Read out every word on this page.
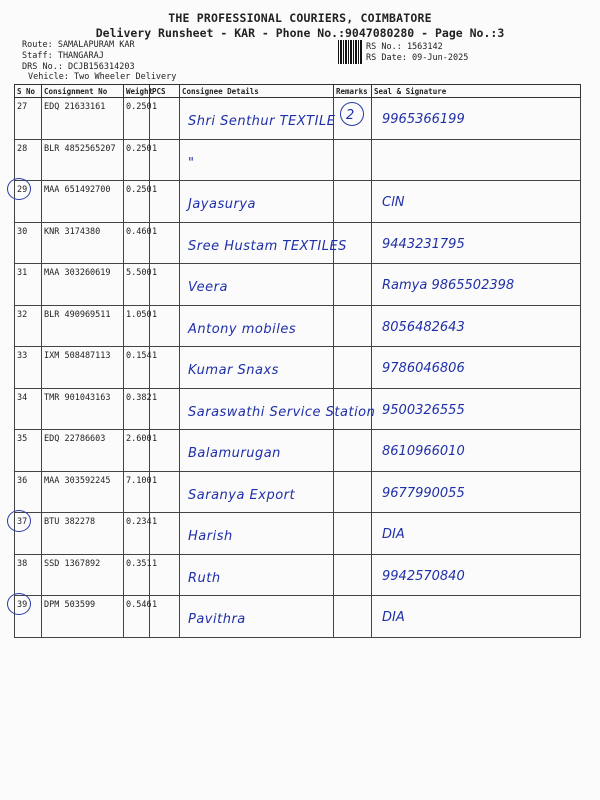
THE PROFESSIONAL COURIERS, COIMBATORE
Delivery Runsheet - KAR - Phone No.:9047080280 - Page No.:3
Route: SAMALAPURAM KAR
Staff: THANGARAJ
DRS No.: DCJB156314203
Vehicle: Two Wheeler Delivery
RS No.: 1563142
RS Date: 09-Jun-2025
S No	Consignment No	Weight	PCS	Consignee Details	Remarks	Seal & Signature
27	EDQ 21633161	0.250	1	Shri Senthur TEXTILE	2	9965366199

28	BLR 4852565207	0.250	1	"		

29	MAA 651492700	0.250	1	Jayasurya		ClN

30	KNR 3174380	0.460	1	Sree Hustam TEXTILES		9443231795

31	MAA 303260619	5.500	1	Veera		Ramya 9865502398

32	BLR 490969511	1.050	1	Antony mobiles		8056482643

33	IXM 508487113	0.154	1	Kumar Snaxs		9786046806

34	TMR 901043163	0.382	1	Saraswathi Service Station		9500326555

35	EDQ 22786603	2.600	1	Balamurugan		8610966010

36	MAA 303592245	7.100	1	Saranya Export		9677990055

37	BTU 382278	0.234	1	Harish		DIA

38	SSD 1367892	0.351	1	Ruth		9942570840

39	DPM 503599	0.546	1	Pavithra		DIA
